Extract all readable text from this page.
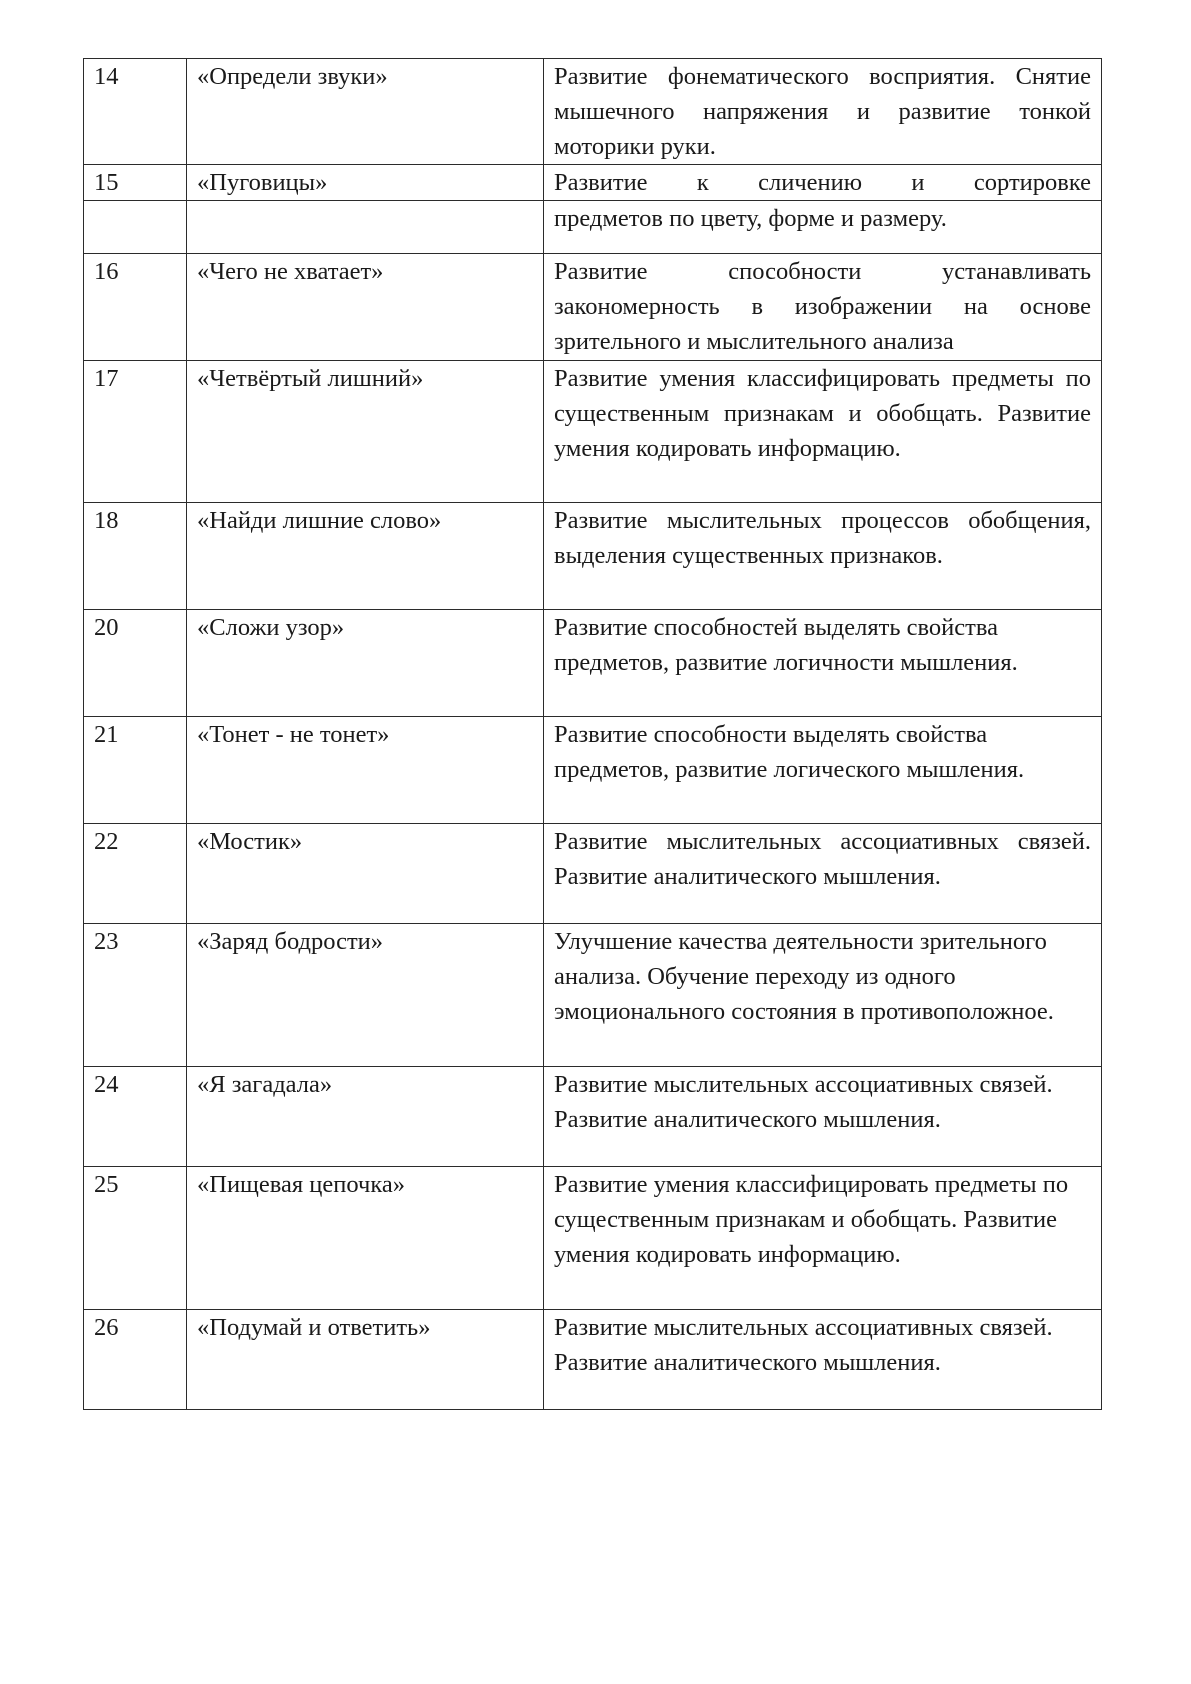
14	«Определи звуки»	Развитие фонематического восприятия. Снятие мышечного напряжения и развитие тонкой моторики руки.
15	«Пуговицы»	Развитие к сличению и сортировке
		предметов по цвету, форме и размеру.
16	«Чего не хватает»	Развитие способности устанавливать закономерность в изображении на основе зрительного и мыслительного анализа
17	«Четвёртый лишний»	Развитие умения классифицировать предметы по существенным признакам и обобщать. Развитие умения кодировать информацию.
18	«Найди лишние слово»	Развитие мыслительных процессов обобщения, выделения существенных признаков.
20	«Сложи узор»	Развитие способностей выделять свойства предметов, развитие логичности мышления.
21	«Тонет - не тонет»	Развитие способности выделять свойства предметов, развитие логического мышления.
22	«Мостик»	Развитие мыслительных ассоциативных связей. Развитие аналитического мышления.
23	«Заряд бодрости»	Улучшение качества деятельности зрительного анализа. Обучение переходу из одного эмоционального состояния в противоположное.
24	«Я загадала»	Развитие мыслительных ассоциативных связей. Развитие аналитического мышления.
25	«Пищевая цепочка»	Развитие умения классифицировать предметы по существенным признакам и обобщать. Развитие умения кодировать информацию.
26	«Подумай и ответить»	Развитие мыслительных ассоциативных связей. Развитие аналитического мышления.
